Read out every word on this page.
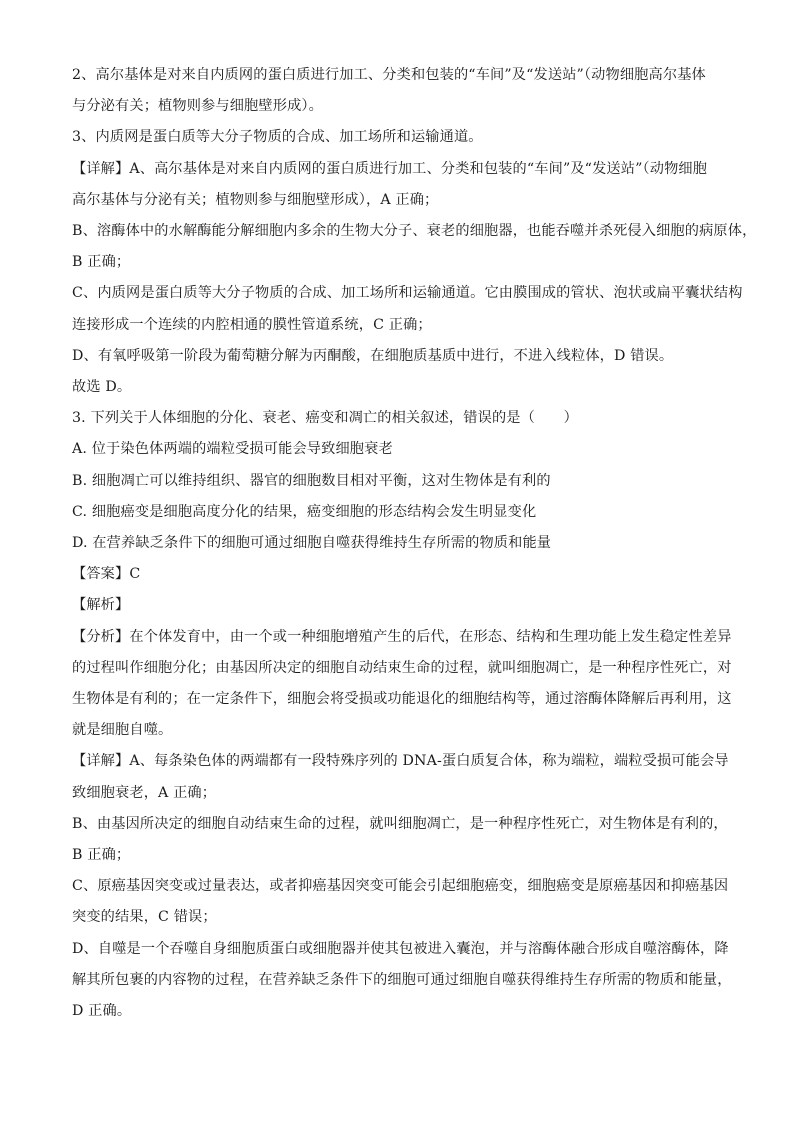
2、高尔基体是对来自内质网的蛋白质进行加工、分类和包装的“车间”及“发送站”（动物细胞高尔基体
与分泌有关；植物则参与细胞壁形成）。
3、内质网是蛋白质等大分子物质的合成、加工场所和运输通道。
【详解】A、高尔基体是对来自内质网的蛋白质进行加工、分类和包装的“车间”及“发送站”（动物细胞
高尔基体与分泌有关；植物则参与细胞壁形成），A 正确；
B、溶酶体中的水解酶能分解细胞内多余的生物大分子、衰老的细胞器，也能吞噬并杀死侵入细胞的病原体，
B 正确；
C、内质网是蛋白质等大分子物质的合成、加工场所和运输通道。它由膜围成的管状、泡状或扁平囊状结构
连接形成一个连续的内腔相通的膜性管道系统，C 正确；
D、有氧呼吸第一阶段为葡萄糖分解为丙酮酸，在细胞质基质中进行，不进入线粒体，D 错误。
故选 D。
3. 下列关于人体细胞的分化、衰老、癌变和凋亡的相关叙述，错误的是（　　）
A. 位于染色体两端的端粒受损可能会导致细胞衰老
B. 细胞凋亡可以维持组织、器官的细胞数目相对平衡，这对生物体是有利的
C. 细胞癌变是细胞高度分化的结果，癌变细胞的形态结构会发生明显变化
D. 在营养缺乏条件下的细胞可通过细胞自噬获得维持生存所需的物质和能量
【答案】C
【解析】
【分析】在个体发育中，由一个或一种细胞增殖产生的后代，在形态、结构和生理功能上发生稳定性差异
的过程叫作细胞分化；由基因所决定的细胞自动结束生命的过程，就叫细胞凋亡，是一种程序性死亡，对
生物体是有利的；在一定条件下，细胞会将受损或功能退化的细胞结构等，通过溶酶体降解后再利用，这
就是细胞自噬。
【详解】A、每条染色体的两端都有一段特殊序列的 DNA-蛋白质复合体，称为端粒，端粒受损可能会导
致细胞衰老，A 正确；
B、由基因所决定的细胞自动结束生命的过程，就叫细胞凋亡，是一种程序性死亡，对生物体是有利的，
B 正确；
C、原癌基因突变或过量表达，或者抑癌基因突变可能会引起细胞癌变，细胞癌变是原癌基因和抑癌基因
突变的结果，C 错误；
D、自噬是一个吞噬自身细胞质蛋白或细胞器并使其包被进入囊泡，并与溶酶体融合形成自噬溶酶体，降
解其所包裹的内容物的过程，在营养缺乏条件下的细胞可通过细胞自噬获得维持生存所需的物质和能量，
D 正确。
